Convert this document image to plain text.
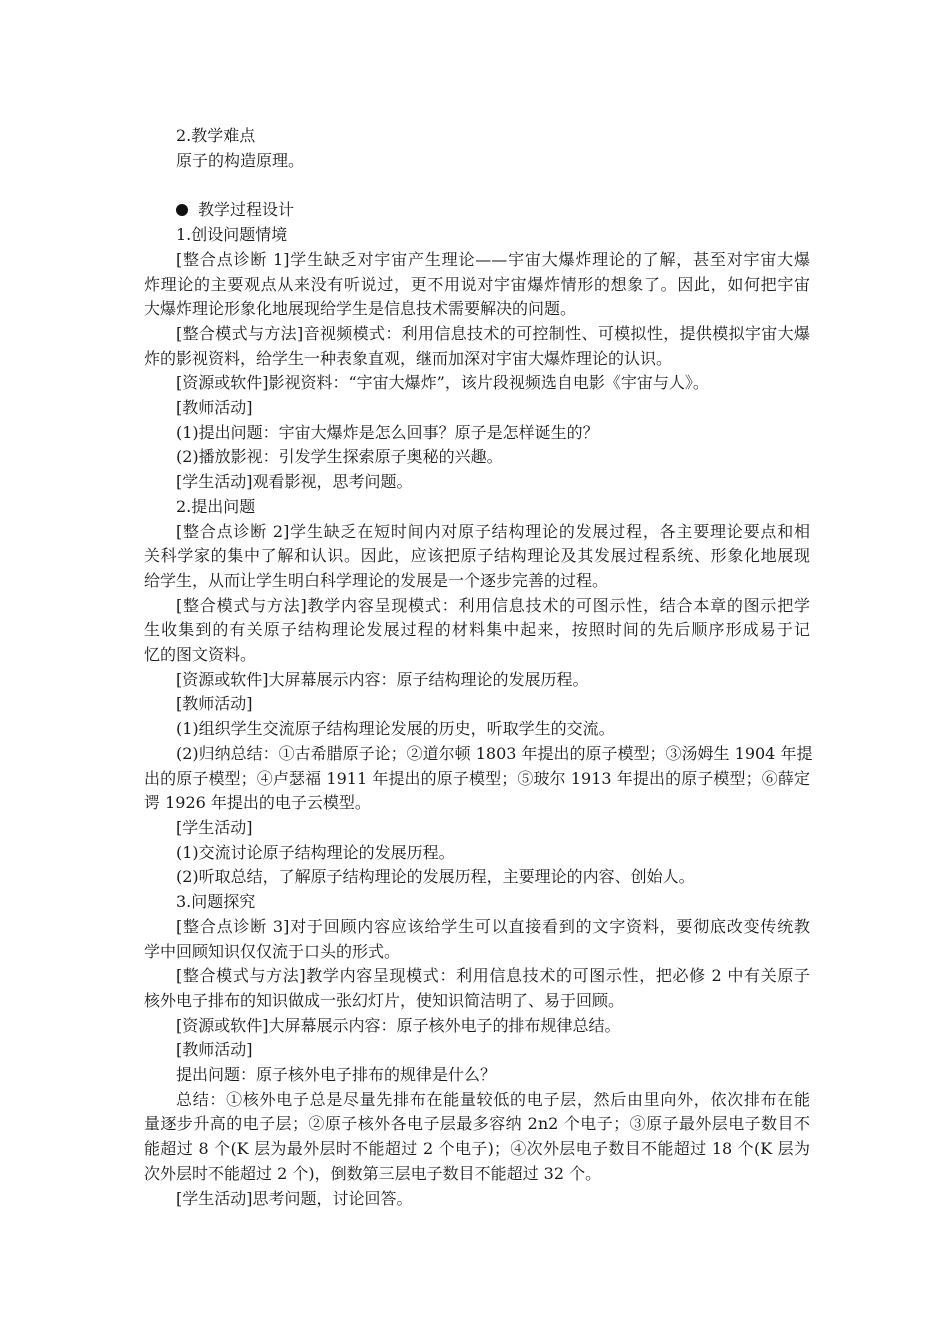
2.教学难点

原子的构造原理。

教学过程设计

1.创设问题情境

[整合点诊断 1]学生缺乏对宇宙产生理论——宇宙大爆炸理论的了解，甚至对宇宙大爆
炸理论的主要观点从来没有听说过，更不用说对宇宙爆炸情形的想象了。因此，如何把宇宙
大爆炸理论形象化地展现给学生是信息技术需要解决的问题。
[整合模式与方法]音视频模式：利用信息技术的可控制性、可模拟性，提供模拟宇宙大爆
炸的影视资料，给学生一种表象直观，继而加深对宇宙大爆炸理论的认识。

[资源或软件]影视资料：“宇宙大爆炸”，该片段视频选自电影《宇宙与人》。

[教师活动]

(1)提出问题：宇宙大爆炸是怎么回事？原子是怎样诞生的？

(2)播放影视：引发学生探索原子奥秘的兴趣。

[学生活动]观看影视，思考问题。

2.提出问题

[整合点诊断 2]学生缺乏在短时间内对原子结构理论的发展过程，各主要理论要点和相
关科学家的集中了解和认识。因此，应该把原子结构理论及其发展过程系统、形象化地展现
给学生，从而让学生明白科学理论的发展是一个逐步完善的过程。
[整合模式与方法]教学内容呈现模式：利用信息技术的可图示性，结合本章的图示把学
生收集到的有关原子结构理论发展过程的材料集中起来，按照时间的先后顺序形成易于记
忆的图文资料。

[资源或软件]大屏幕展示内容：原子结构理论的发展历程。

[教师活动]

(1)组织学生交流原子结构理论发展的历史，听取学生的交流。

(2)归纳总结：①古希腊原子论；②道尔顿 1803 年提出的原子模型；③汤姆生 1904 年提
出的原子模型；④卢瑟福 1911 年提出的原子模型；⑤玻尔 1913 年提出的原子模型；⑥薛定
谔 1926 年提出的电子云模型。

[学生活动]

(1)交流讨论原子结构理论的发展历程。

(2)听取总结，了解原子结构理论的发展历程，主要理论的内容、创始人。

3.问题探究

[整合点诊断 3]对于回顾内容应该给学生可以直接看到的文字资料，要彻底改变传统教
学中回顾知识仅仅流于口头的形式。
[整合模式与方法]教学内容呈现模式：利用信息技术的可图示性，把必修 2 中有关原子
核外电子排布的知识做成一张幻灯片，使知识简洁明了、易于回顾。

[资源或软件]大屏幕展示内容：原子核外电子的排布规律总结。

[教师活动]

提出问题：原子核外电子排布的规律是什么？

总结：①核外电子总是尽量先排布在能量较低的电子层，然后由里向外，依次排布在能
量逐步升高的电子层；②原子核外各电子层最多容纳 2n2 个电子；③原子最外层电子数目不
能超过 8 个(K 层为最外层时不能超过 2 个电子)；④次外层电子数目不能超过 18 个(K 层为
次外层时不能超过 2 个)，倒数第三层电子数目不能超过 32 个。

[学生活动]思考问题，讨论回答。
